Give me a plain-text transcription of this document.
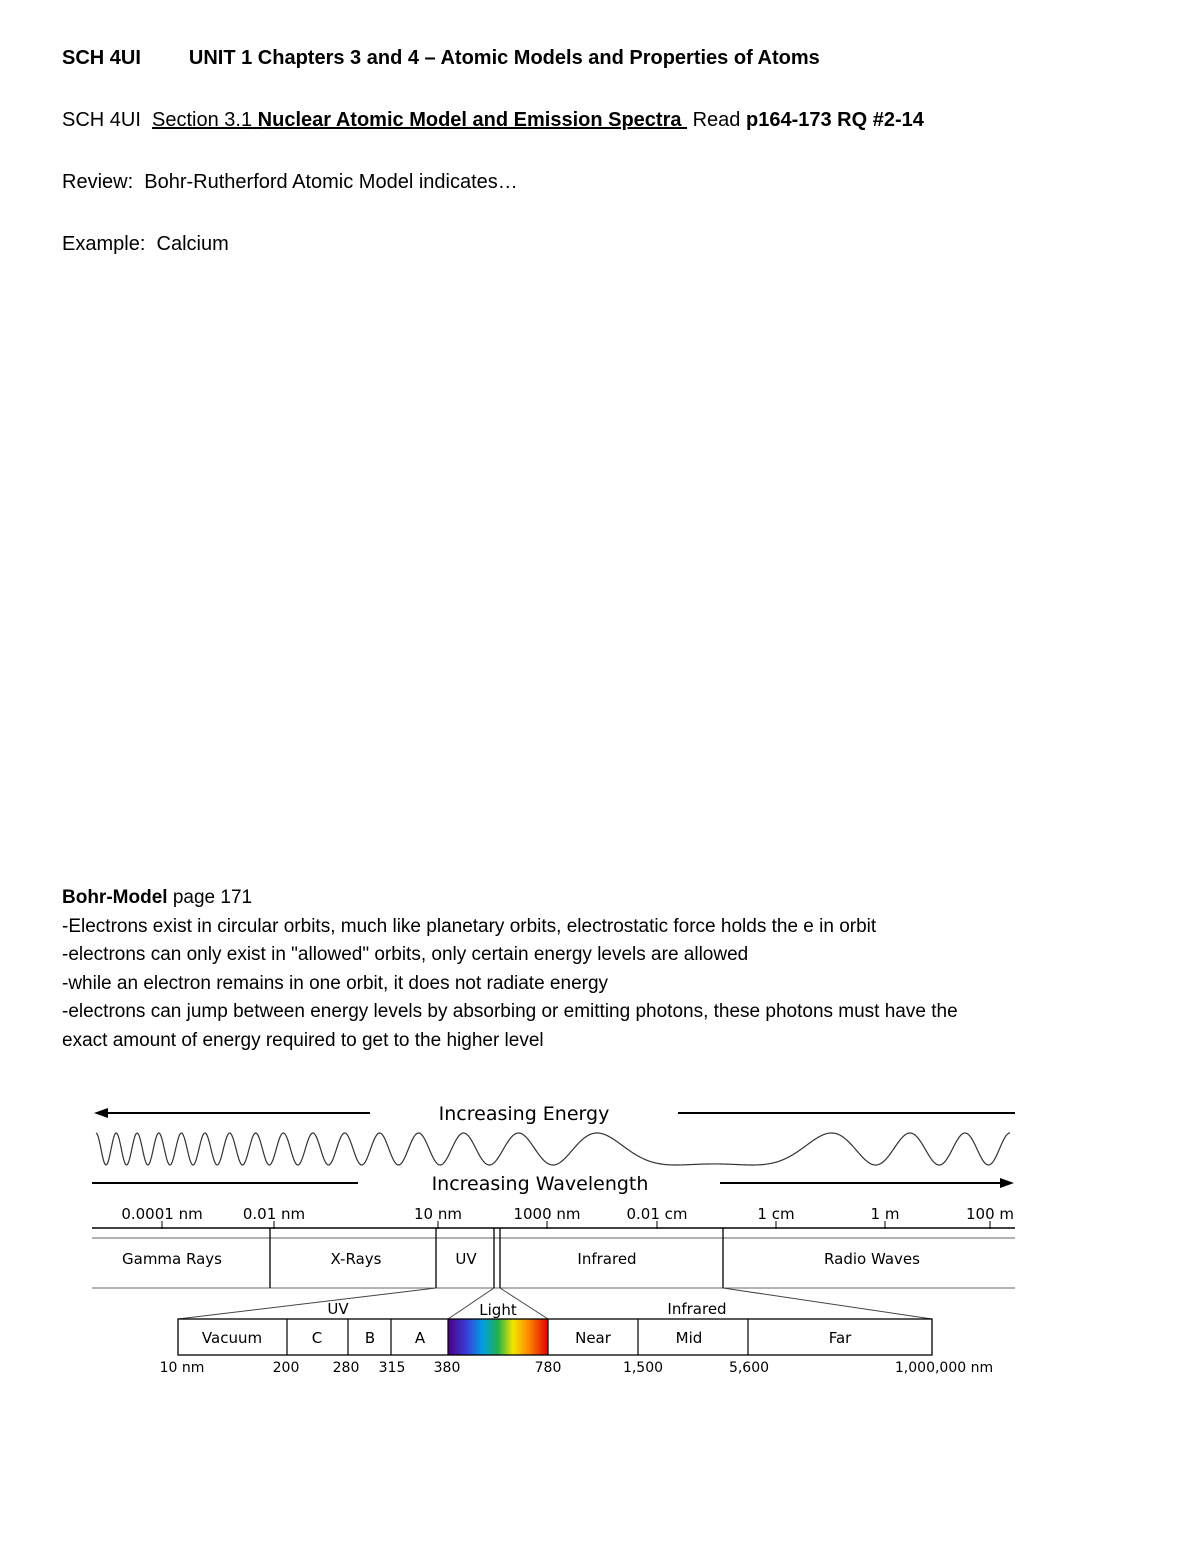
SCH 4UI UNIT 1 Chapters 3 and 4 – Atomic Models and Properties of Atoms
SCH 4UI Section 3.1 Nuclear Atomic Model and Emission Spectra Read p164-173 RQ #2-14
Review: Bohr-Rutherford Atomic Model indicates…
Example: Calcium
Bohr-Model page 171
-Electrons exist in circular orbits, much like planetary orbits, electrostatic force holds the e in orbit
-electrons can only exist in "allowed" orbits, only certain energy levels are allowed
-while an electron remains in one orbit, it does not radiate energy
-electrons can jump between energy levels by absorbing or emitting photons, these photons must have the
exact amount of energy required to get to the higher level
Increasing Energy
Increasing Wavelength
0.0001 nm	0.01 nm	10 nm	1000 nm	0.01 cm	1 cm	1 m	100 m
Gamma Rays	X-Rays	UV	Infrared	Radio Waves
UV	Light	Infrared
Vacuum	C	B	A	Near	Mid	Far
10 nm	200 280 315 380	780	1,500	5,600	1,000,000 nm
